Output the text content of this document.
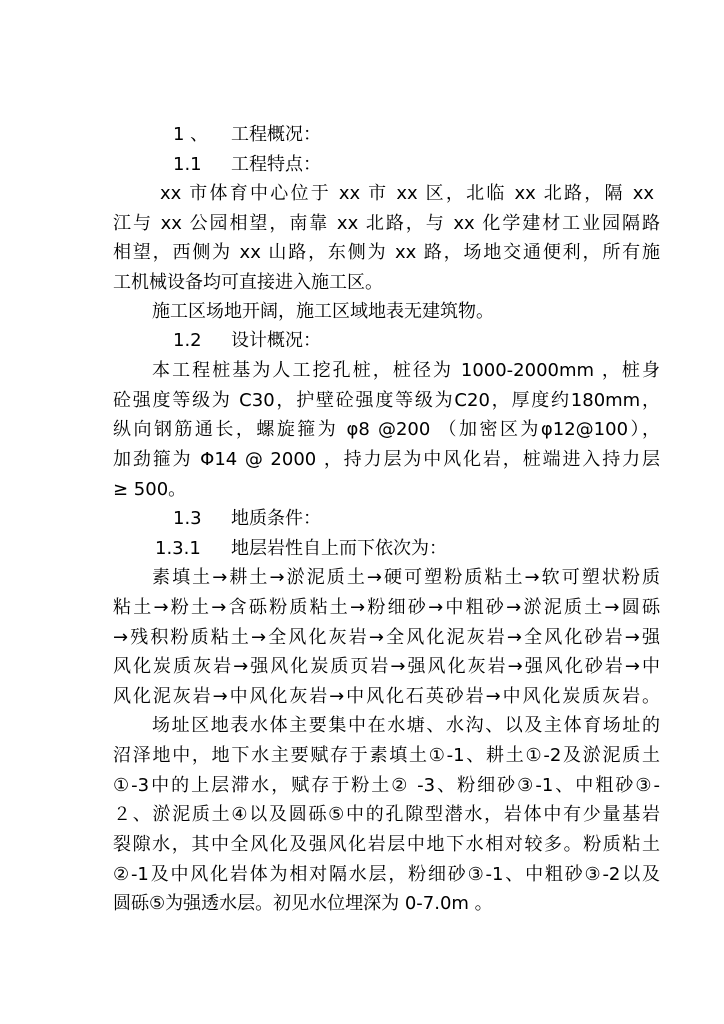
1 、 工程概况：
1.1 工程特点：
xx 市体育中心位于 xx 市 xx 区，北临 xx 北路，隔 xx
江与 xx 公园相望，南靠 xx 北路，与 xx 化学建材工业园隔路
相望，西侧为 xx 山路，东侧为 xx 路，场地交通便利，所有施
工机械设备均可直接进入施工区。
施工区场地开阔，施工区域地表无建筑物。
1.2 设计概况：
本工程桩基为人工挖孔桩，桩径为 1000-2000mm ，桩身
砼强度等级为 C30，护壁砼强度等级为C20，厚度约180mm，
纵向钢筋通长，螺旋箍为 φ8 @200 （加密区为φ12@100），
加劲箍为 Φ14 @ 2000 ，持力层为中风化岩，桩端进入持力层
≥ 500。
1.3 地质条件：
1.3.1 地层岩性自上而下依次为：
素填土→耕土→淤泥质土→硬可塑粉质粘土→软可塑状粉质
粘土→粉土→含砾粉质粘土→粉细砂→中粗砂→淤泥质土→圆砾
→残积粉质粘土→全风化灰岩→全风化泥灰岩→全风化砂岩→强
风化炭质灰岩→强风化炭质页岩→强风化灰岩→强风化砂岩→中
风化泥灰岩→中风化灰岩→中风化石英砂岩→中风化炭质灰岩。
场址区地表水体主要集中在水塘、水沟、以及主体育场址的
沼泽地中，地下水主要赋存于素填土①-1、耕土①-2及淤泥质土
①-3中的上层滞水，赋存于粉土② -3、粉细砂③-1、中粗砂③-
２、淤泥质土④以及圆砾⑤中的孔隙型潜水，岩体中有少量基岩
裂隙水，其中全风化及强风化岩层中地下水相对较多。粉质粘土
②-1及中风化岩体为相对隔水层，粉细砂③-1、中粗砂③-2以及
圆砾⑤为强透水层。初见水位埋深为 0-7.0m 。
